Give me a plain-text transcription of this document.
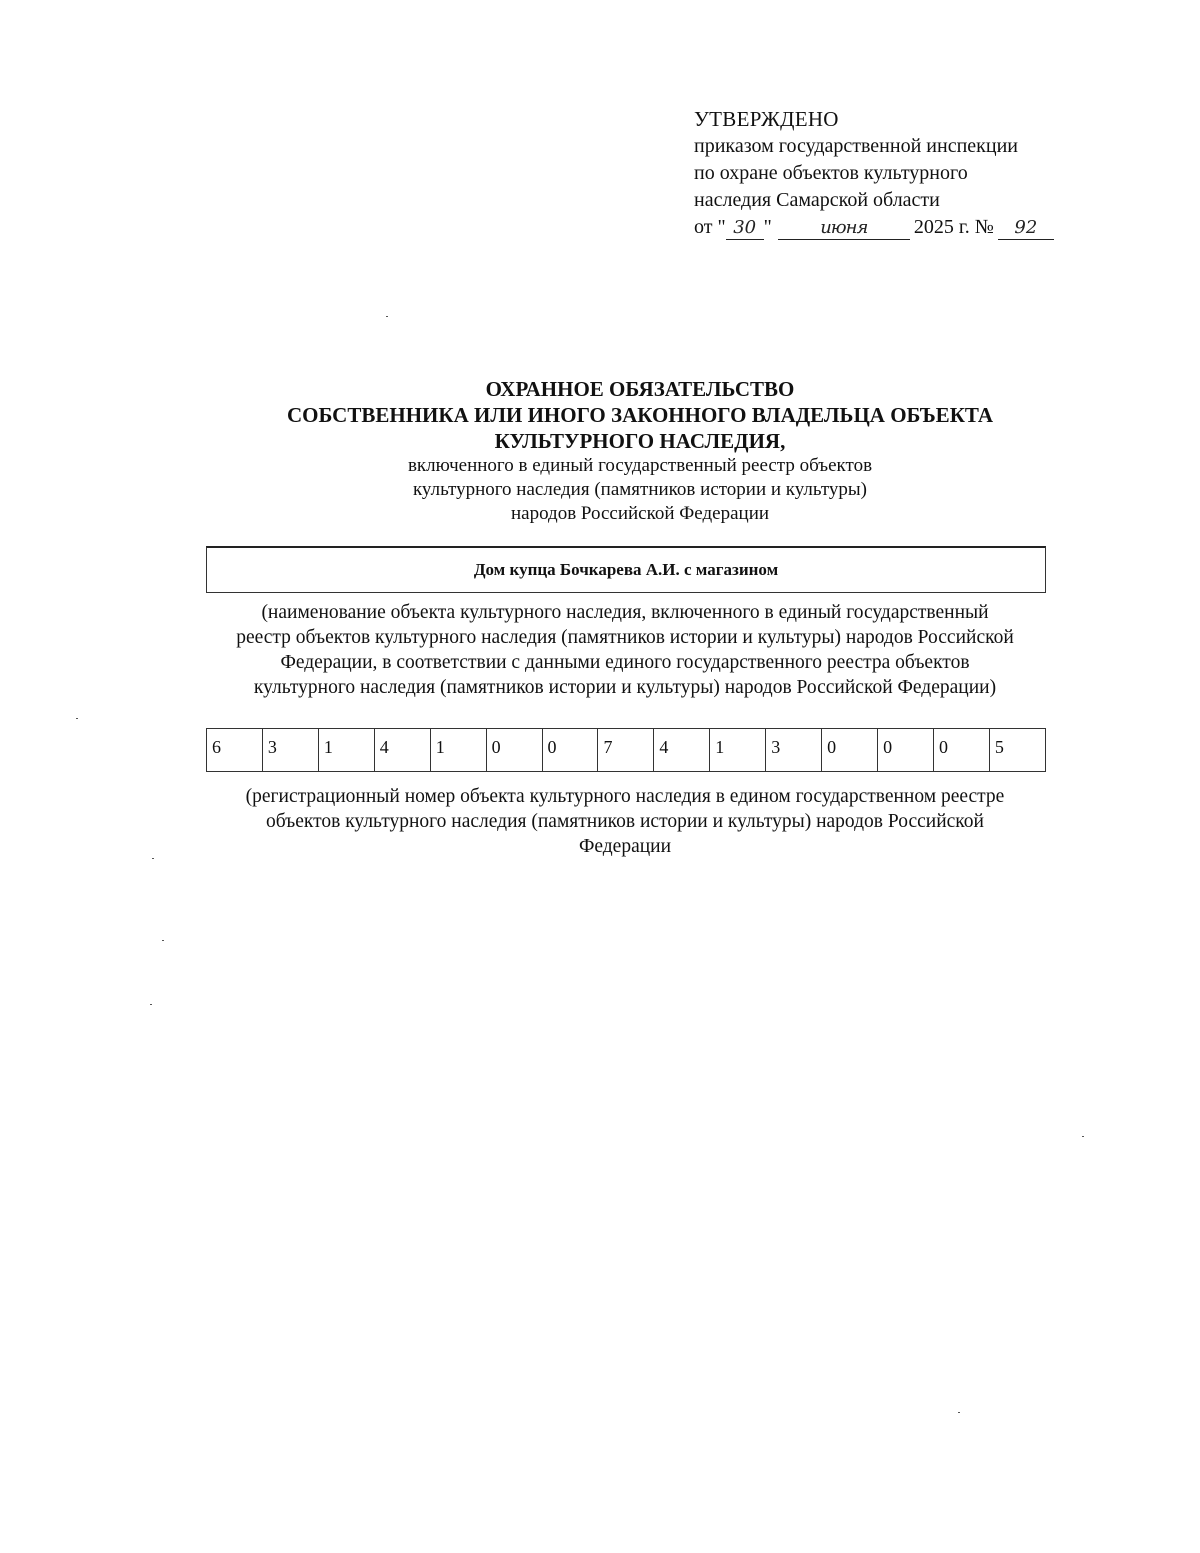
УТВЕРЖДЕНО
приказом государственной инспекции
по охране объектов культурного
наследия Самарской области
от " 30 "	июня 2025 г. № 92
ОХРАННОЕ ОБЯЗАТЕЛЬСТВО
СОБСТВЕННИКА ИЛИ ИНОГО ЗАКОННОГО ВЛАДЕЛЬЦА ОБЪЕКТА
КУЛЬТУРНОГО НАСЛЕДИЯ,
включенного в единый государственный реестр объектов
культурного наследия (памятников истории и культуры)
народов Российской Федерации
Дом купца Бочкарева А.И. с магазином
(наименование объекта культурного наследия, включенного в единый государственный
реестр объектов культурного наследия (памятников истории и культуры) народов Российской
Федерации, в соответствии с данными единого государственного реестра объектов
культурного наследия (памятников истории и культуры) народов Российской Федерации)
6	3	1	4	1	0	0	7	4	1	3	0	0	0	5
(регистрационный номер объекта культурного наследия в едином государственном реестре
объектов культурного наследия (памятников истории и культуры) народов Российской
Федерации
